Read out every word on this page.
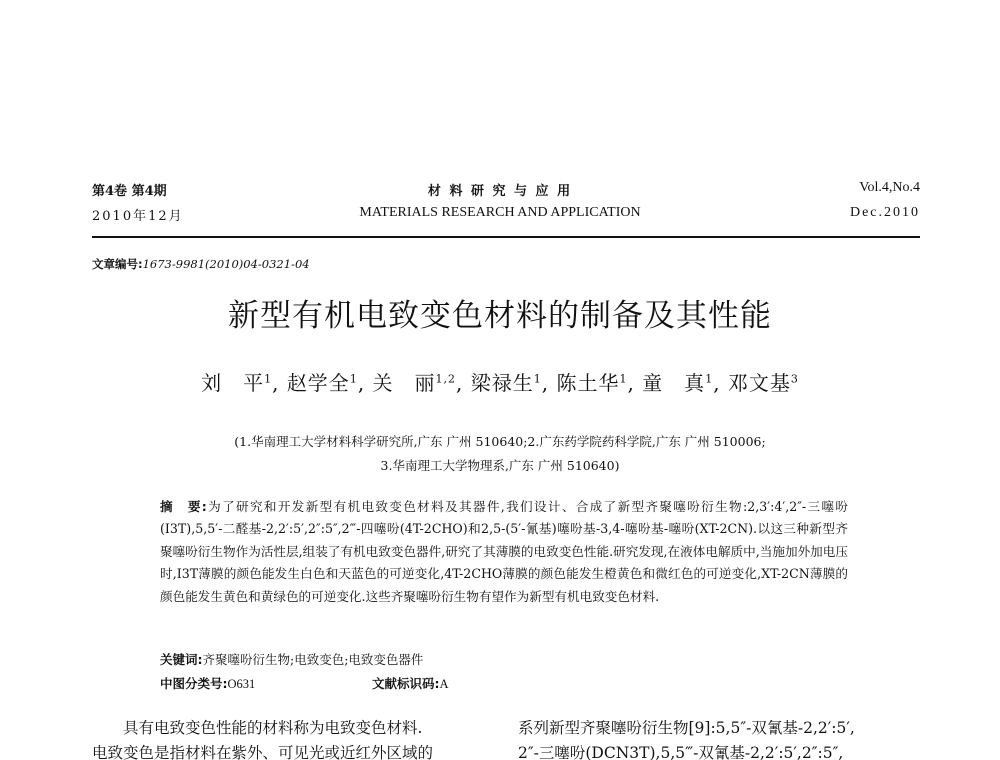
第4卷 第4期
2010年12月
材 料 研 究 与 应 用
MATERIALS RESEARCH AND APPLICATION
Vol.4,No.4
Dec.2010
文章编号:1673-9981(2010)04-0321-04
新型有机电致变色材料的制备及其性能
刘　平$^1$, 赵学全$^1$, 关　丽$^{1,2}$, 梁禄生$^1$, 陈土华$^1$, 童　真$^1$, 邓文基$^3$
(1.华南理工大学材料科学研究所,广东 广州 510640;2.广东药学院药科学院,广东 广州 510006;
3.华南理工大学物理系,广东 广州 510640)
摘　要:为了研究和开发新型有机电致变色材料及其器件,我们设计、合成了新型齐聚噻吩衍生物:2,3′:4′,2″-三噻吩(I3T),5,5′-二醛基-2,2′:5′,2″:5″,2‴-四噻吩(4T-2CHO)和2,5-(5′-氰基)噻吩基-3,4-噻吩基-噻吩(XT-2CN).以这三种新型齐聚噻吩衍生物作为活性层,组装了有机电致变色器件,研究了其薄膜的电致变色性能.研究发现,在液体电解质中,当施加外加电压时,I3T薄膜的颜色能发生白色和天蓝色的可逆变化,4T-2CHO薄膜的颜色能发生橙黄色和微红色的可逆变化,XT-2CN薄膜的颜色能发生黄色和黄绿色的可逆变化.这些齐聚噻吩衍生物有望作为新型有机电致变色材料.
关键词:齐聚噻吩衍生物;电致变色;电致变色器件
中图分类号:O631	文献标识码:A

　　具有电致变色性能的材料称为电致变色材料.

电致变色是指材料在紫外、可见光或近红外区域的

系列新型齐聚噻吩衍生物[9]:5,5″-双氰基-2,2′:5′,

2″-三噻吩(DCN3T),5,5‴-双氰基-2,2′:5′,2″:5″,
